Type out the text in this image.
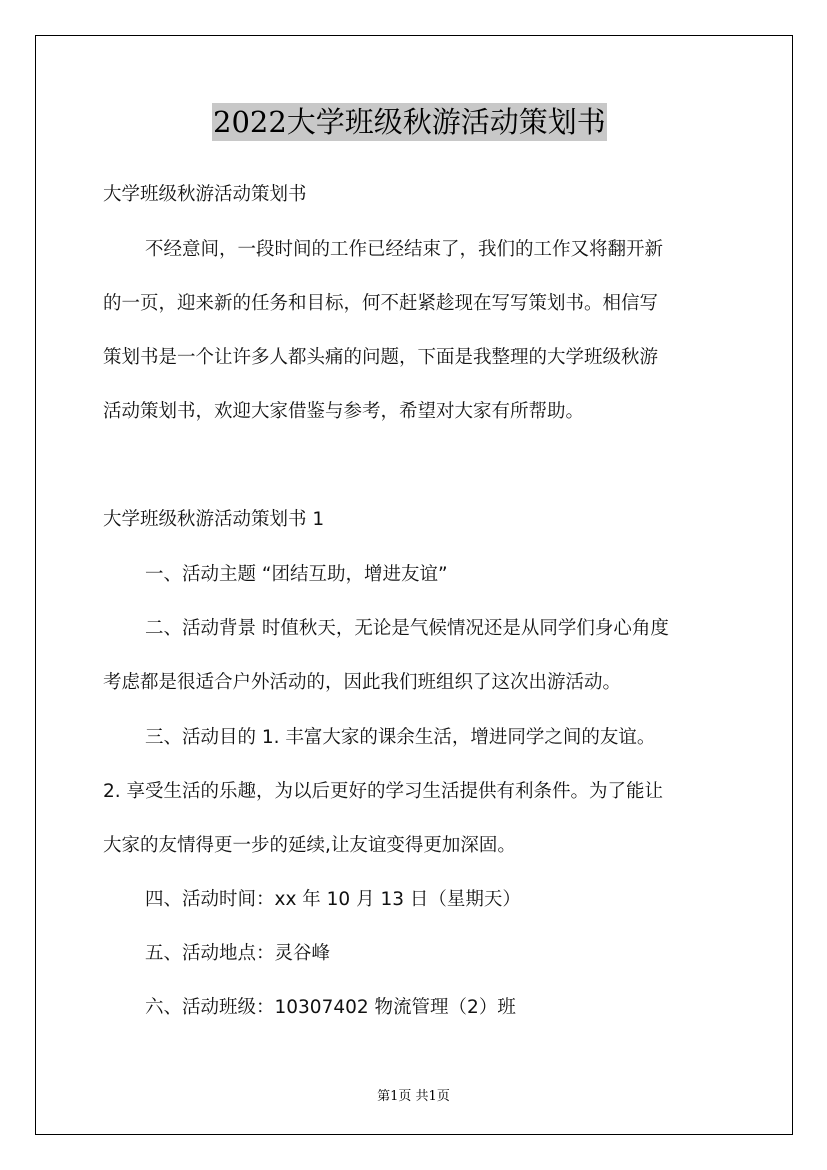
2022大学班级秋游活动策划书
大学班级秋游活动策划书
不经意间，一段时间的工作已经结束了，我们的工作又将翻开新
的一页，迎来新的任务和目标，何不赶紧趁现在写写策划书。相信写
策划书是一个让许多人都头痛的问题，下面是我整理的大学班级秋游
活动策划书，欢迎大家借鉴与参考，希望对大家有所帮助。
大学班级秋游活动策划书 1
一、活动主题 “团结互助，增进友谊”
二、活动背景 时值秋天，无论是气候情况还是从同学们身心角度
考虑都是很适合户外活动的，因此我们班组织了这次出游活动。
三、活动目的 1. 丰富大家的课余生活，增进同学之间的友谊。
2. 享受生活的乐趣，为以后更好的学习生活提供有利条件。为了能让
大家的友情得更一步的延续,让友谊变得更加深固。
四、活动时间：xx 年 10 月 13 日（星期天）
五、活动地点：灵谷峰
六、活动班级：10307402 物流管理（2）班
第1页 共1页
